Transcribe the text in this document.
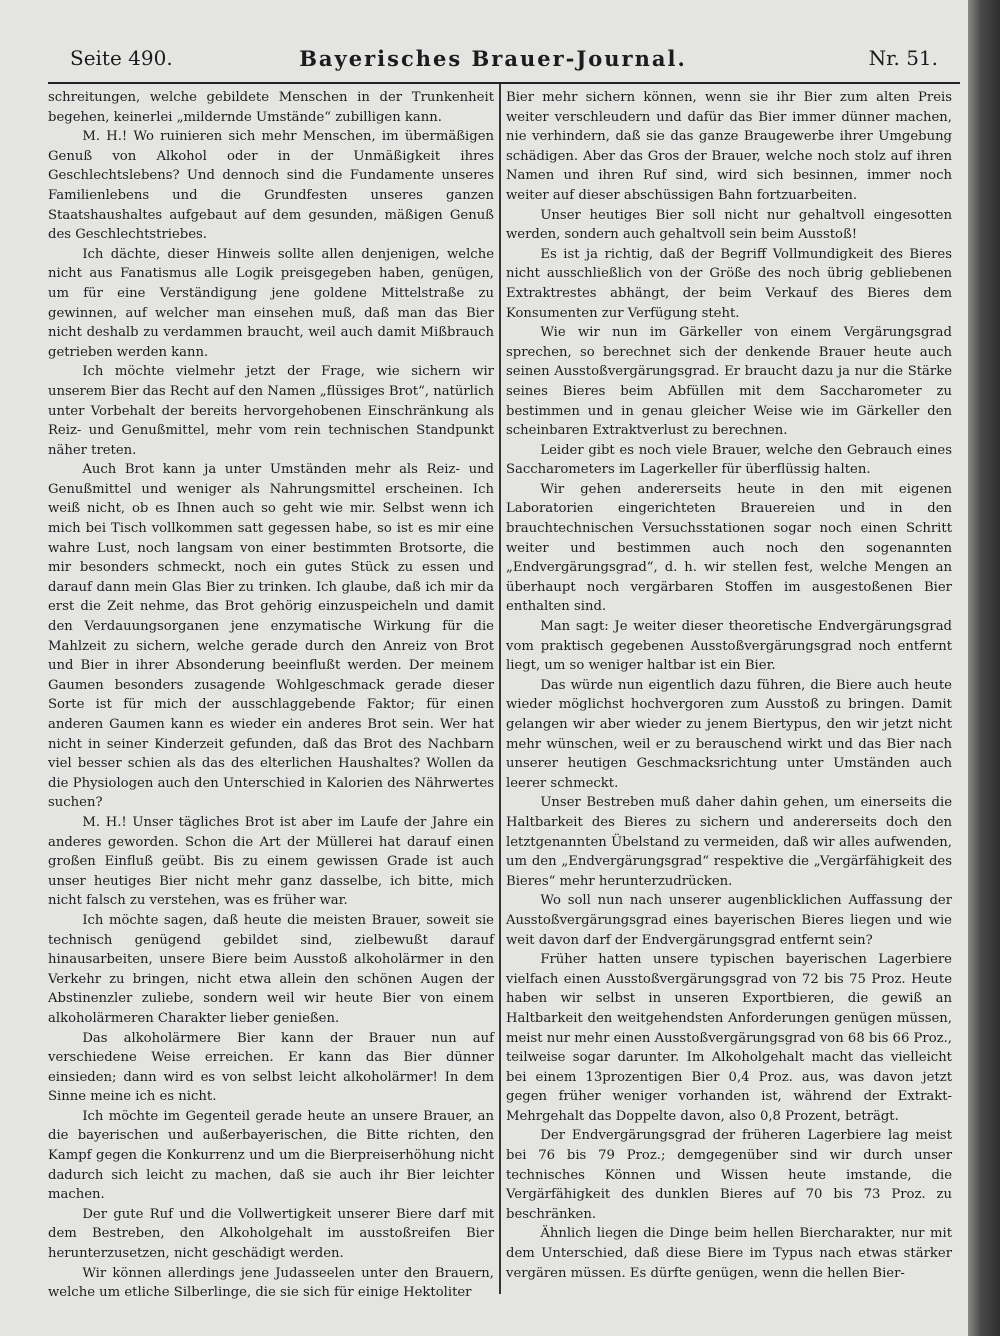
Seite 490.	Bayerisches Brauer-Journal.	Nr. 51.

schreitungen, welche gebildete Menschen in der Trunkenheit begehen, keinerlei „mildernde Umstände“ zubilligen kann.

M. H.! Wo ruinieren sich mehr Menschen, im übermäßigen Genuß von Alkohol oder in der Unmäßigkeit ihres Geschlechtslebens? Und dennoch sind die Fundamente unseres Familienlebens und die Grundfesten unseres ganzen Staatshaushaltes aufgebaut auf dem gesunden, mäßigen Genuß des Geschlechtstriebes.

Ich dächte, dieser Hinweis sollte allen denjenigen, welche nicht aus Fanatismus alle Logik preisgegeben haben, genügen, um für eine Verständigung jene goldene Mittelstraße zu gewinnen, auf welcher man einsehen muß, daß man das Bier nicht deshalb zu verdammen braucht, weil auch damit Mißbrauch getrieben werden kann.

Ich möchte vielmehr jetzt der Frage, wie sichern wir unserem Bier das Recht auf den Namen „flüssiges Brot“, natürlich unter Vorbehalt der bereits hervorgehobenen Einschränkung als Reiz- und Genußmittel, mehr vom rein technischen Standpunkt näher treten.

Auch Brot kann ja unter Umständen mehr als Reiz- und Genußmittel und weniger als Nahrungsmittel erscheinen. Ich weiß nicht, ob es Ihnen auch so geht wie mir. Selbst wenn ich mich bei Tisch vollkommen satt gegessen habe, so ist es mir eine wahre Lust, noch langsam von einer bestimmten Brotsorte, die mir besonders schmeckt, noch ein gutes Stück zu essen und darauf dann mein Glas Bier zu trinken. Ich glaube, daß ich mir da erst die Zeit nehme, das Brot gehörig einzuspeicheln und damit den Verdauungsorganen jene enzymatische Wirkung für die Mahlzeit zu sichern, welche gerade durch den Anreiz von Brot und Bier in ihrer Absonderung beeinflußt werden. Der meinem Gaumen besonders zusagende Wohlgeschmack gerade dieser Sorte ist für mich der ausschlaggebende Faktor; für einen anderen Gaumen kann es wieder ein anderes Brot sein. Wer hat nicht in seiner Kinderzeit gefunden, daß das Brot des Nachbarn viel besser schien als das des elterlichen Haushaltes? Wollen da die Physiologen auch den Unterschied in Kalorien des Nährwertes suchen?

M. H.! Unser tägliches Brot ist aber im Laufe der Jahre ein anderes geworden. Schon die Art der Müllerei hat darauf einen großen Einfluß geübt. Bis zu einem gewissen Grade ist auch unser heutiges Bier nicht mehr ganz dasselbe, ich bitte, mich nicht falsch zu verstehen, was es früher war.

Ich möchte sagen, daß heute die meisten Brauer, soweit sie technisch genügend gebildet sind, zielbewußt darauf hinausarbeiten, unsere Biere beim Ausstoß alkoholärmer in den Verkehr zu bringen, nicht etwa allein den schönen Augen der Abstinenzler zuliebe, sondern weil wir heute Bier von einem alkoholärmeren Charakter lieber genießen.

Das alkoholärmere Bier kann der Brauer nun auf verschiedene Weise erreichen. Er kann das Bier dünner einsieden; dann wird es von selbst leicht alkoholärmer! In dem Sinne meine ich es nicht.

Ich möchte im Gegenteil gerade heute an unsere Brauer, an die bayerischen und außerbayerischen, die Bitte richten, den Kampf gegen die Konkurrenz und um die Bierpreiserhöhung nicht dadurch sich leicht zu machen, daß sie auch ihr Bier leichter machen.

Der gute Ruf und die Vollwertigkeit unserer Biere darf mit dem Bestreben, den Alkoholgehalt im ausstoßreifen Bier herunterzusetzen, nicht geschädigt werden.

Wir können allerdings jene Judasseelen unter den Brauern, welche um etliche Silberlinge, die sie sich für einige Hektoliter

Bier mehr sichern können, wenn sie ihr Bier zum alten Preis weiter verschleudern und dafür das Bier immer dünner machen, nie verhindern, daß sie das ganze Braugewerbe ihrer Umgebung schädigen. Aber das Gros der Brauer, welche noch stolz auf ihren Namen und ihren Ruf sind, wird sich besinnen, immer noch weiter auf dieser abschüssigen Bahn fortzuarbeiten.

Unser heutiges Bier soll nicht nur gehaltvoll eingesotten werden, sondern auch gehaltvoll sein beim Ausstoß!

Es ist ja richtig, daß der Begriff Vollmundigkeit des Bieres nicht ausschließlich von der Größe des noch übrig gebliebenen Extraktrestes abhängt, der beim Verkauf des Bieres dem Konsumenten zur Verfügung steht.

Wie wir nun im Gärkeller von einem Vergärungsgrad sprechen, so berechnet sich der denkende Brauer heute auch seinen Ausstoßvergärungsgrad. Er braucht dazu ja nur die Stärke seines Bieres beim Abfüllen mit dem Saccharometer zu bestimmen und in genau gleicher Weise wie im Gärkeller den scheinbaren Extraktverlust zu berechnen.

Leider gibt es noch viele Brauer, welche den Gebrauch eines Saccharometers im Lagerkeller für überflüssig halten.

Wir gehen andererseits heute in den mit eigenen Laboratorien eingerichteten Brauereien und in den brauchtechnischen Versuchsstationen sogar noch einen Schritt weiter und bestimmen auch noch den sogenannten „Endvergärungsgrad“, d. h. wir stellen fest, welche Mengen an überhaupt noch vergärbaren Stoffen im ausgestoßenen Bier enthalten sind.

Man sagt: Je weiter dieser theoretische Endvergärungsgrad vom praktisch gegebenen Ausstoßvergärungsgrad noch entfernt liegt, um so weniger haltbar ist ein Bier.

Das würde nun eigentlich dazu führen, die Biere auch heute wieder möglichst hochvergoren zum Ausstoß zu bringen. Damit gelangen wir aber wieder zu jenem Biertypus, den wir jetzt nicht mehr wünschen, weil er zu berauschend wirkt und das Bier nach unserer heutigen Geschmacksrichtung unter Umständen auch leerer schmeckt.

Unser Bestreben muß daher dahin gehen, um einerseits die Haltbarkeit des Bieres zu sichern und andererseits doch den letztgenannten Übelstand zu vermeiden, daß wir alles aufwenden, um den „Endvergärungsgrad“ respektive die „Vergärfähigkeit des Bieres“ mehr herunterzudrücken.

Wo soll nun nach unserer augenblicklichen Auffassung der Ausstoßvergärungsgrad eines bayerischen Bieres liegen und wie weit davon darf der Endvergärungsgrad entfernt sein?

Früher hatten unsere typischen bayerischen Lagerbiere vielfach einen Ausstoßvergärungsgrad von 72 bis 75 Proz. Heute haben wir selbst in unseren Exportbieren, die gewiß an Haltbarkeit den weitgehendsten Anforderungen genügen müssen, meist nur mehr einen Ausstoßvergärungsgrad von 68 bis 66 Proz., teilweise sogar darunter. Im Alkoholgehalt macht das vielleicht bei einem 13prozentigen Bier 0,4 Proz. aus, was davon jetzt gegen früher weniger vorhanden ist, während der Extrakt-Mehrgehalt das Doppelte davon, also 0,8 Prozent, beträgt.

Der Endvergärungsgrad der früheren Lagerbiere lag meist bei 76 bis 79 Proz.; demgegenüber sind wir durch unser technisches Können und Wissen heute imstande, die Vergärfähigkeit des dunklen Bieres auf 70 bis 73 Proz. zu beschränken.

Ähnlich liegen die Dinge beim hellen Biercharakter, nur mit dem Unterschied, daß diese Biere im Typus nach etwas stärker vergären müssen. Es dürfte genügen, wenn die hellen Bier-
